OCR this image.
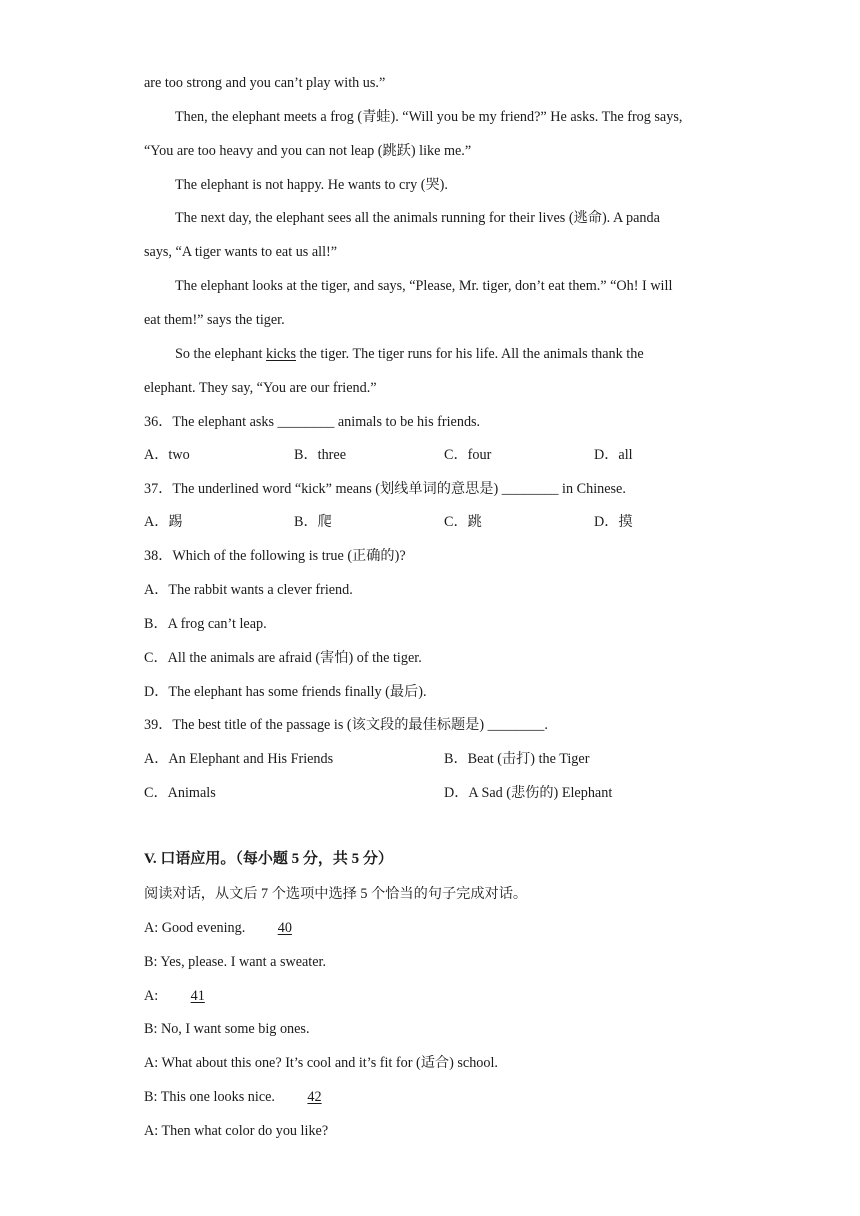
are too strong and you can’t play with us.”
Then, the elephant meets a frog (青蛙). “Will you be my friend?” He asks. The frog says,
“You are too heavy and you can not leap (跳跃) like me.”
The elephant is not happy. He wants to cry (哭).
The next day, the elephant sees all the animals running for their lives (逃命). A panda
says, “A tiger wants to eat us all!”
The elephant looks at the tiger, and says, “Please, Mr. tiger, don’t eat them.” “Oh! I will
eat them!” says the tiger.
So the elephant kicks the tiger. The tiger runs for his life. All the animals thank the
elephant. They say, “You are our friend.”
36．The elephant asks ________ animals to be his friends.
A．two	B．three	C．four	D．all
37．The underlined word “kick” means (划线单词的意思是) ________ in Chinese.
A．踢	B．爬	C．跳	D．摸
38．Which of the following is true (正确的)?
A．The rabbit wants a clever friend.
B．A frog can’t leap.
C．All the animals are afraid (害怕) of the tiger.
D．The elephant has some friends finally (最后).
39．The best title of the passage is (该文段的最佳标题是) ________.
A．An Elephant and His Friends	B．Beat (击打) the Tiger
C．Animals	D．A Sad (悲伤的) Elephant
V. 口语应用。（每小题 5 分，共 5 分）
阅读对话，从文后 7 个选项中选择 5 个恰当的句子完成对话。
A: Good evening. 40
B: Yes, please. I want a sweater.
A: 41
B: No, I want some big ones.
A: What about this one? It’s cool and it’s fit for (适合) school.
B: This one looks nice. 42
A: Then what color do you like?
